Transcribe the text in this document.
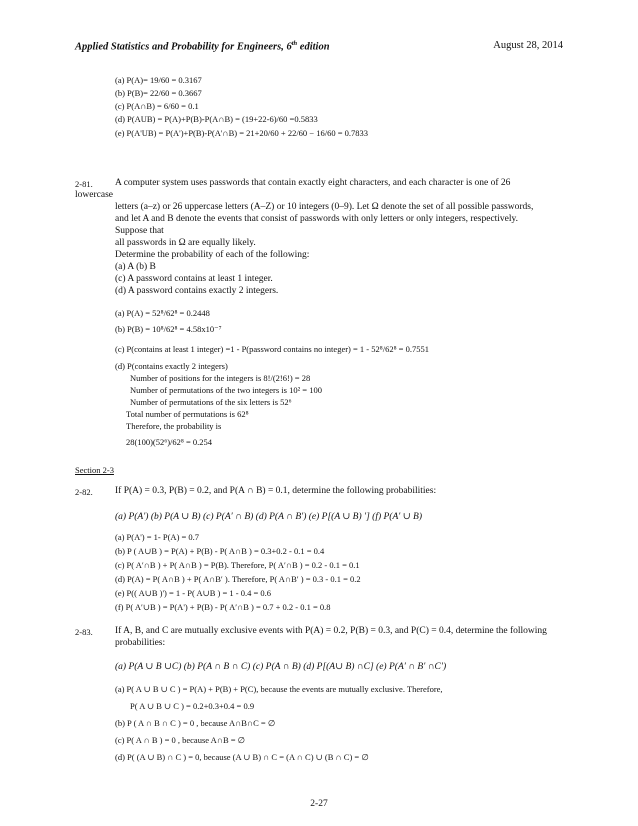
Applied Statistics and Probability for Engineers, 6th edition	August 28, 2014
(a) P(A)= 19/60 = 0.3167
(b) P(B)= 22/60 = 0.3667
(c) P(A∩B) = 6/60 = 0.1
(d) P(AUB) = P(A)+P(B)-P(A∩B) = (19+22-6)/60 =0.5833
(e) P(A'UB) = P(A')+P(B)-P(A'∩B) = 21+20/60 + 22/60 − 16/60 = 0.7833
2-81. A computer system uses passwords that contain exactly eight characters, and each character is one of 26
lowercase
letters (a–z) or 26 uppercase letters (A–Z) or 10 integers (0–9). Let Ω denote the set of all possible passwords,
and let A and B denote the events that consist of passwords with only letters or only integers, respectively.
Suppose that
all passwords in Ω are equally likely.
Determine the probability of each of the following:
(a) A (b) B
(c) A password contains at least 1 integer.
(d) A password contains exactly 2 integers.
(a) P(A) = 52⁸/62⁸ = 0.2448
(b) P(B) = 10⁸/62⁸ = 4.58x10⁻⁷
(c) P(contains at least 1 integer) =1 - P(password contains no integer) = 1 - 52⁸/62⁸ = 0.7551
(d) P(contains exactly 2 integers)
Number of positions for the integers is 8!/(2!6!) = 28
Number of permutations of the two integers is 10² = 100
Number of permutations of the six letters is 52⁶
Total number of permutations is 62⁸
Therefore, the probability is
28(100)(52⁶)/62⁸ = 0.254
Section 2-3
2-82. If P(A) = 0.3, P(B) = 0.2, and P(A ∩ B) = 0.1, determine the following probabilities:
(a) P(A′) (b) P(A ∪ B) (c) P(A′ ∩ B) (d) P(A ∩ B′) (e) P[(A ∪ B) ′] (f) P(A′ ∪ B)
(a) P(A') = 1- P(A) = 0.7
(b) P ( A∪B ) = P(A) + P(B) - P( A∩B ) = 0.3+0.2 - 0.1 = 0.4
(c) P( A′∩B ) + P( A∩B ) = P(B). Therefore, P( A′∩B ) = 0.2 - 0.1 = 0.1
(d) P(A) = P( A∩B ) + P( A∩B′ ). Therefore, P( A∩B′ ) = 0.3 - 0.1 = 0.2
(e) P(( A∪B )') = 1 - P( A∪B ) = 1 - 0.4 = 0.6
(f) P( A′∪B ) = P(A') + P(B) - P( A′∩B ) = 0.7 + 0.2 - 0.1 = 0.8
2-83. If A, B, and C are mutually exclusive events with P(A) = 0.2, P(B) = 0.3, and P(C) = 0.4, determine the following
probabilities:
(a) P(A ∪ B ∪C) (b) P(A ∩ B ∩ C) (c) P(A ∩ B) (d) P[(A∪ B) ∩C] (e) P(A′ ∩ B′ ∩C′)
(a) P( A ∪ B ∪ C ) = P(A) + P(B) + P(C), because the events are mutually exclusive. Therefore,
P( A ∪ B ∪ C ) = 0.2+0.3+0.4 = 0.9
(b) P ( A ∩ B ∩ C ) = 0 , because A∩B∩C = ∅
(c) P( A ∩ B ) = 0 , because A∩B = ∅
(d) P( (A ∪ B) ∩ C ) = 0, because (A ∪ B) ∩ C = (A ∩ C) ∪ (B ∩ C) = ∅
2-27
